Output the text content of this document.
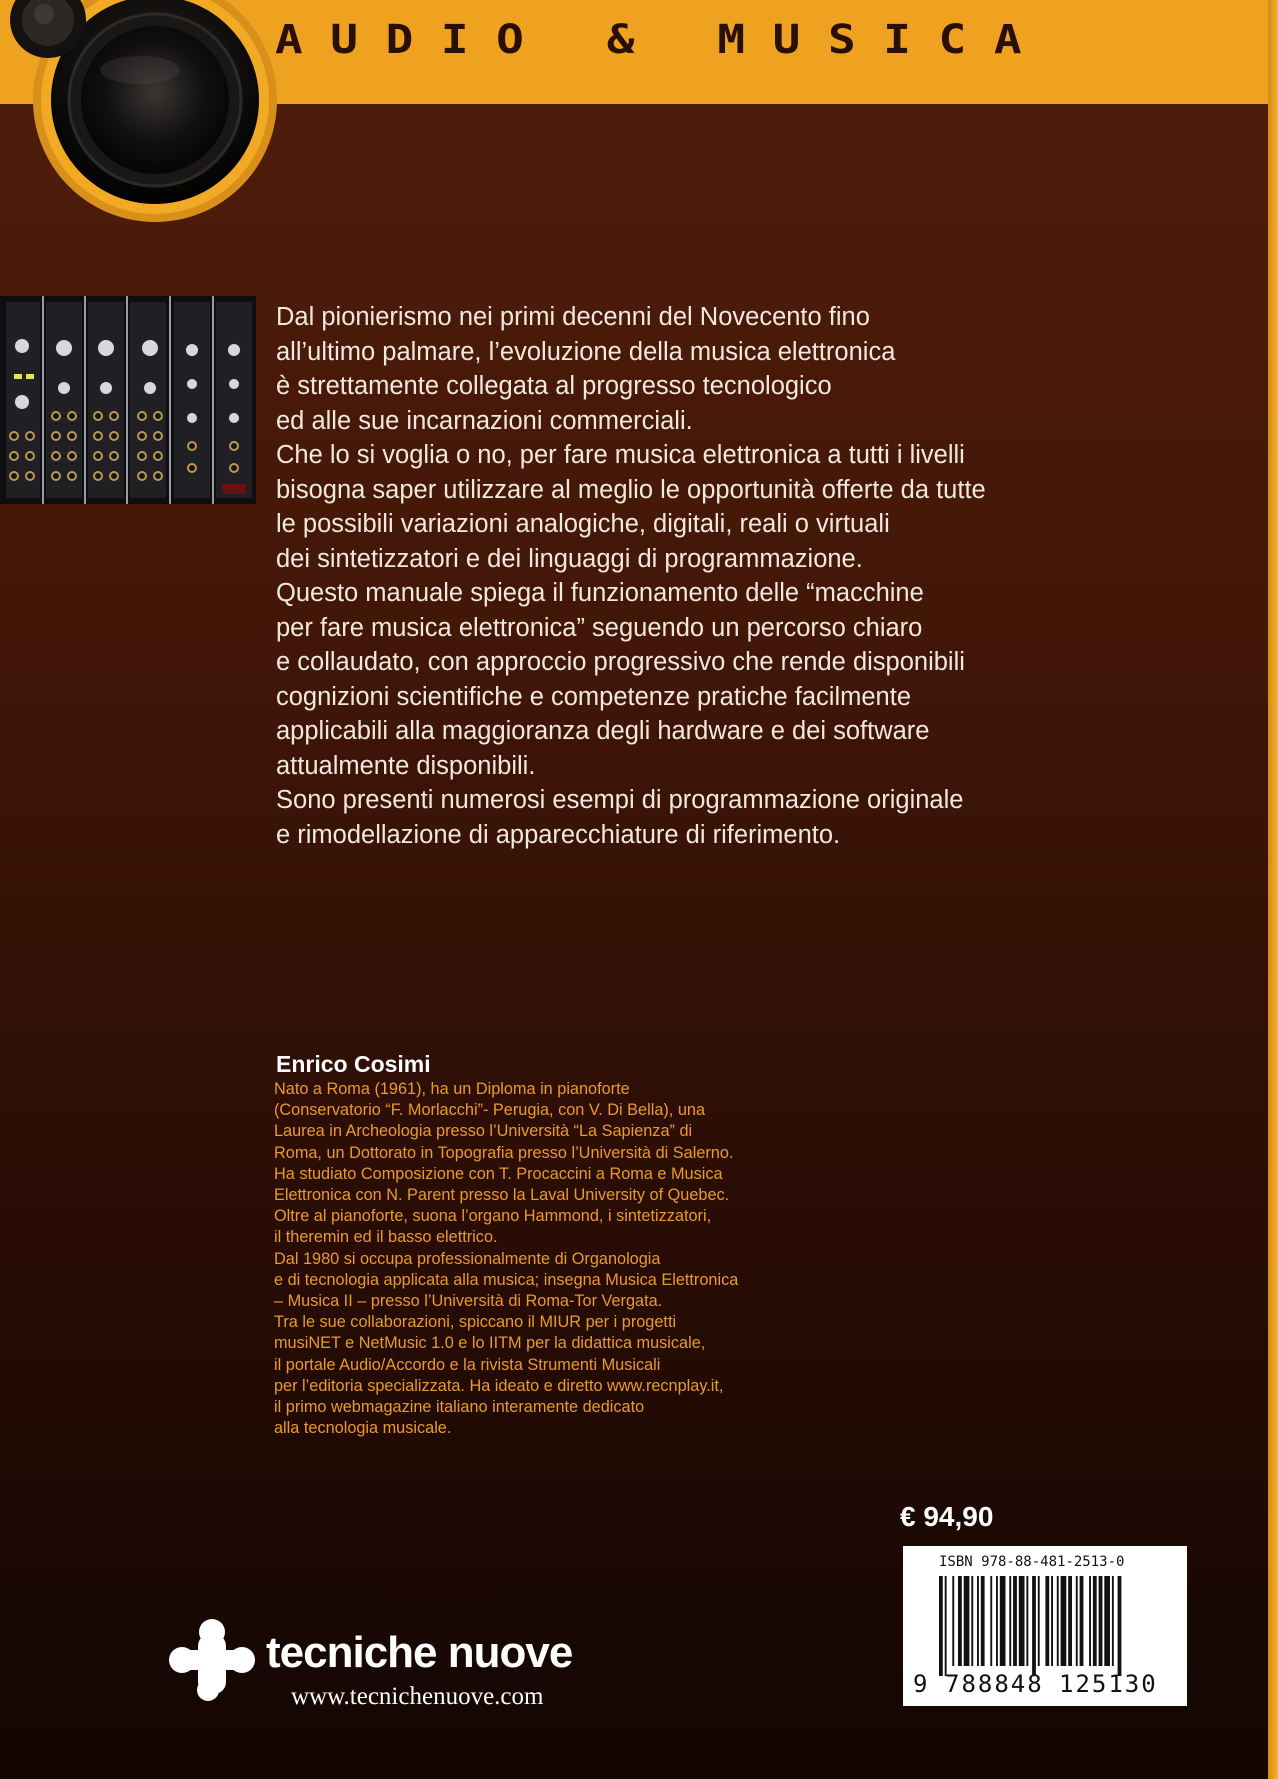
AUDIO & MUSICA

Dal pionierismo nei primi decenni del Novecento fino

all’ultimo palmare, l’evoluzione della musica elettronica

è strettamente collegata al progresso tecnologico

ed alle sue incarnazioni commerciali.

Che lo si voglia o no, per fare musica elettronica a tutti i livelli

bisogna saper utilizzare al meglio le opportunità offerte da tutte

le possibili variazioni analogiche, digitali, reali o virtuali

dei sintetizzatori e dei linguaggi di programmazione.

Questo manuale spiega il funzionamento delle “macchine

per fare musica elettronica” seguendo un percorso chiaro

e collaudato, con approccio progressivo che rende disponibili

cognizioni scientifiche e competenze pratiche facilmente

applicabili alla maggioranza degli hardware e dei software

attualmente disponibili.

Sono presenti numerosi esempi di programmazione originale

e rimodellazione di apparecchiature di riferimento.

Enrico Cosimi

Nato a Roma (1961), ha un Diploma in pianoforte

(Conservatorio “F. Morlacchi”- Perugia, con V. Di Bella), una

Laurea in Archeologia presso l’Università “La Sapienza” di

Roma, un Dottorato in Topografia presso l’Università di Salerno.

Ha studiato Composizione con T. Procaccini a Roma e Musica

Elettronica con N. Parent presso la Laval University of Quebec.

Oltre al pianoforte, suona l’organo Hammond, i sintetizzatori,

il theremin ed il basso elettrico.

Dal 1980 si occupa professionalmente di Organologia

e di tecnologia applicata alla musica; insegna Musica Elettronica

– Musica II – presso l’Università di Roma-Tor Vergata.

Tra le sue collaborazioni, spiccano il MIUR per i progetti

musiNET e NetMusic 1.0 e lo IITM per la didattica musicale,

il portale Audio/Accordo e la rivista Strumenti Musicali

per l’editoria specializzata. Ha ideato e diretto www.recnplay.it,

il primo webmagazine italiano interamente dedicato

alla tecnologia musicale.

€ 94,90
ISBN 978-88-481-2513-0
9 788848 125130
tecniche nuove
www.tecnichenuove.com
